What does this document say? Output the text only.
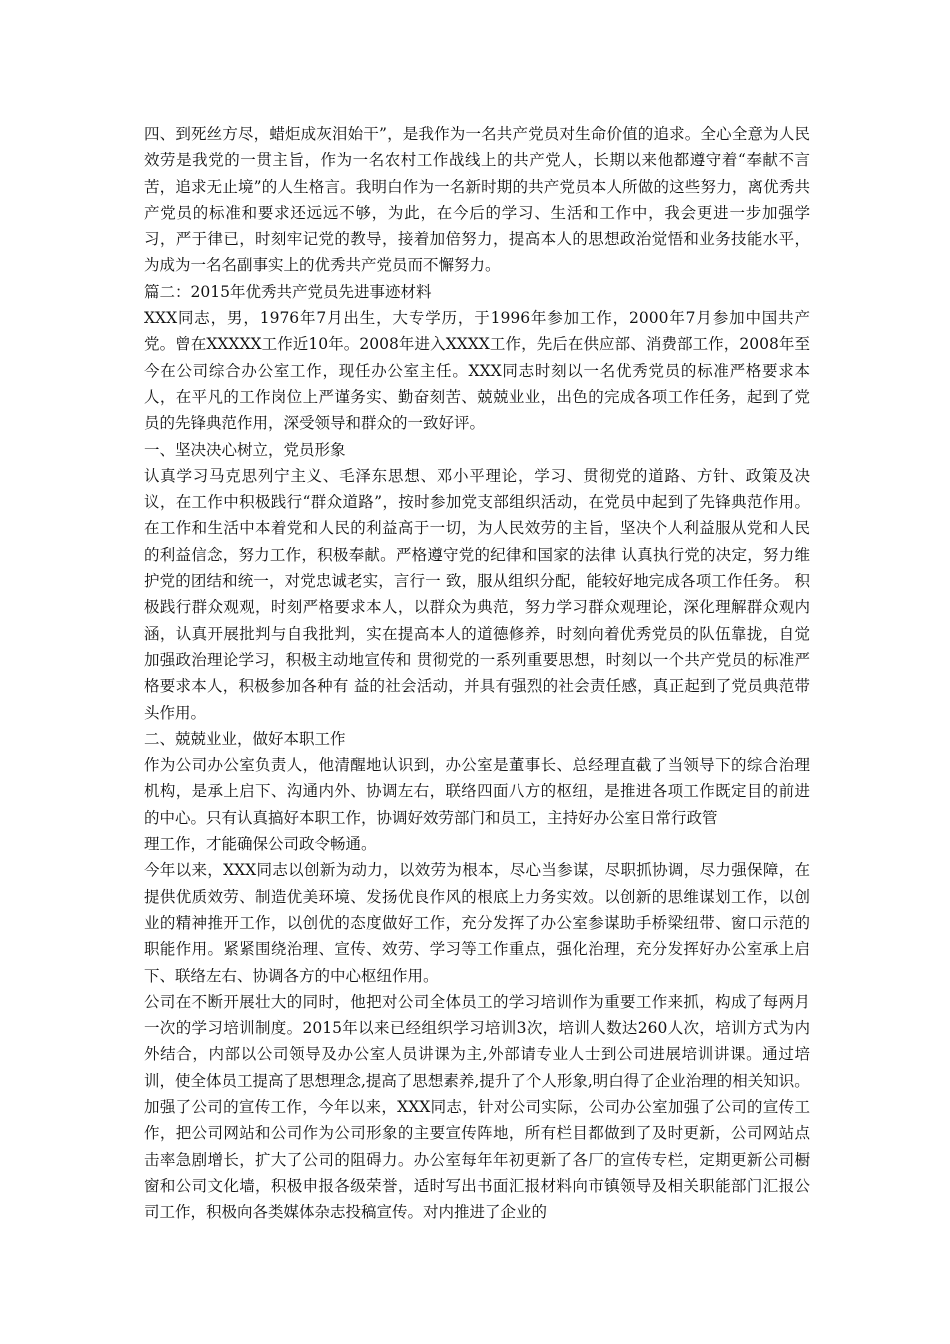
四、到死丝方尽，蜡炬成灰泪始干”，是我作为一名共产党员对生命价值的追求。全心全意为人民效劳是我党的一贯主旨，作为一名农村工作战线上的共产党人，长期以来他都遵守着“奉献不言苦，追求无止境”的人生格言。我明白作为一名新时期的共产党员本人所做的这些努力，离优秀共产党员的标准和要求还远远不够，为此，在今后的学习、生活和工作中，我会更进一步加强学习，严于律已，时刻牢记党的教导，接着加倍努力，提高本人的思想政治觉悟和业务技能水平，为成为一名名副事实上的优秀共产党员而不懈努力。

篇二：2015年优秀共产党员先进事迹材料

XXX同志，男，1976年7月出生，大专学历，于1996年参加工作，2000年7月参加中国共产党。曾在XXXXX工作近10年。2008年进入XXXX工作，先后在供应部、消费部工作，2008年至今在公司综合办公室工作，现任办公室主任。XXX同志时刻以一名优秀党员的标准严格要求本人，在平凡的工作岗位上严谨务实、勤奋刻苦、兢兢业业，出色的完成各项工作任务，起到了党员的先锋典范作用，深受领导和群众的一致好评。

一、坚决决心树立，党员形象

认真学习马克思列宁主义、毛泽东思想、邓小平理论，学习、贯彻党的道路、方针、政策及决议，在工作中积极践行“群众道路”，按时参加党支部组织活动，在党员中起到了先锋典范作用。 在工作和生活中本着党和人民的利益高于一切，为人民效劳的主旨，坚决个人利益服从党和人民的利益信念，努力工作，积极奉献。严格遵守党的纪律和国家的法律 认真执行党的决定，努力维护党的团结和统一，对党忠诚老实，言行一 致，服从组织分配，能较好地完成各项工作任务。 积极践行群众观观，时刻严格要求本人，以群众为典范，努力学习群众观理论，深化理解群众观内涵，认真开展批判与自我批判，实在提高本人的道德修养，时刻向着优秀党员的队伍靠拢，自觉加强政治理论学习，积极主动地宣传和 贯彻党的一系列重要思想，时刻以一个共产党员的标准严格要求本人，积极参加各种有 益的社会活动，并具有强烈的社会责任感，真正起到了党员典范带头作用。

二、兢兢业业，做好本职工作

作为公司办公室负责人，他清醒地认识到，办公室是董事长、总经理直截了当领导下的综合治理机构，是承上启下、沟通内外、协调左右，联络四面八方的枢纽，是推进各项工作既定目的前进的中心。只有认真搞好本职工作，协调好效劳部门和员工，主持好办公室日常行政管

理工作，才能确保公司政令畅通。

今年以来，XXX同志以创新为动力，以效劳为根本，尽心当参谋，尽职抓协调，尽力强保障，在提供优质效劳、制造优美环境、发扬优良作风的根底上力务实效。以创新的思维谋划工作，以创业的精神推开工作，以创优的态度做好工作，充分发挥了办公室参谋助手桥梁纽带、窗口示范的职能作用。紧紧围绕治理、宣传、效劳、学习等工作重点，强化治理，充分发挥好办公室承上启下、联络左右、协调各方的中心枢纽作用。

公司在不断开展壮大的同时，他把对公司全体员工的学习培训作为重要工作来抓，构成了每两月一次的学习培训制度。2015年以来已经组织学习培训3次，培训人数达260人次，培训方式为内外结合，内部以公司领导及办公室人员讲课为主,外部请专业人士到公司进展培训讲课。通过培训，使全体员工提高了思想理念,提高了思想素养,提升了个人形象,明白得了企业治理的相关知识。

加强了公司的宣传工作，今年以来，XXX同志，针对公司实际，公司办公室加强了公司的宣传工作，把公司网站和公司作为公司形象的主要宣传阵地，所有栏目都做到了及时更新，公司网站点击率急剧增长，扩大了公司的阻碍力。办公室每年年初更新了各厂的宣传专栏，定期更新公司橱窗和公司文化墙，积极申报各级荣誉，适时写出书面汇报材料向市镇领导及相关职能部门汇报公司工作，积极向各类媒体杂志投稿宣传。对内推进了企业的
